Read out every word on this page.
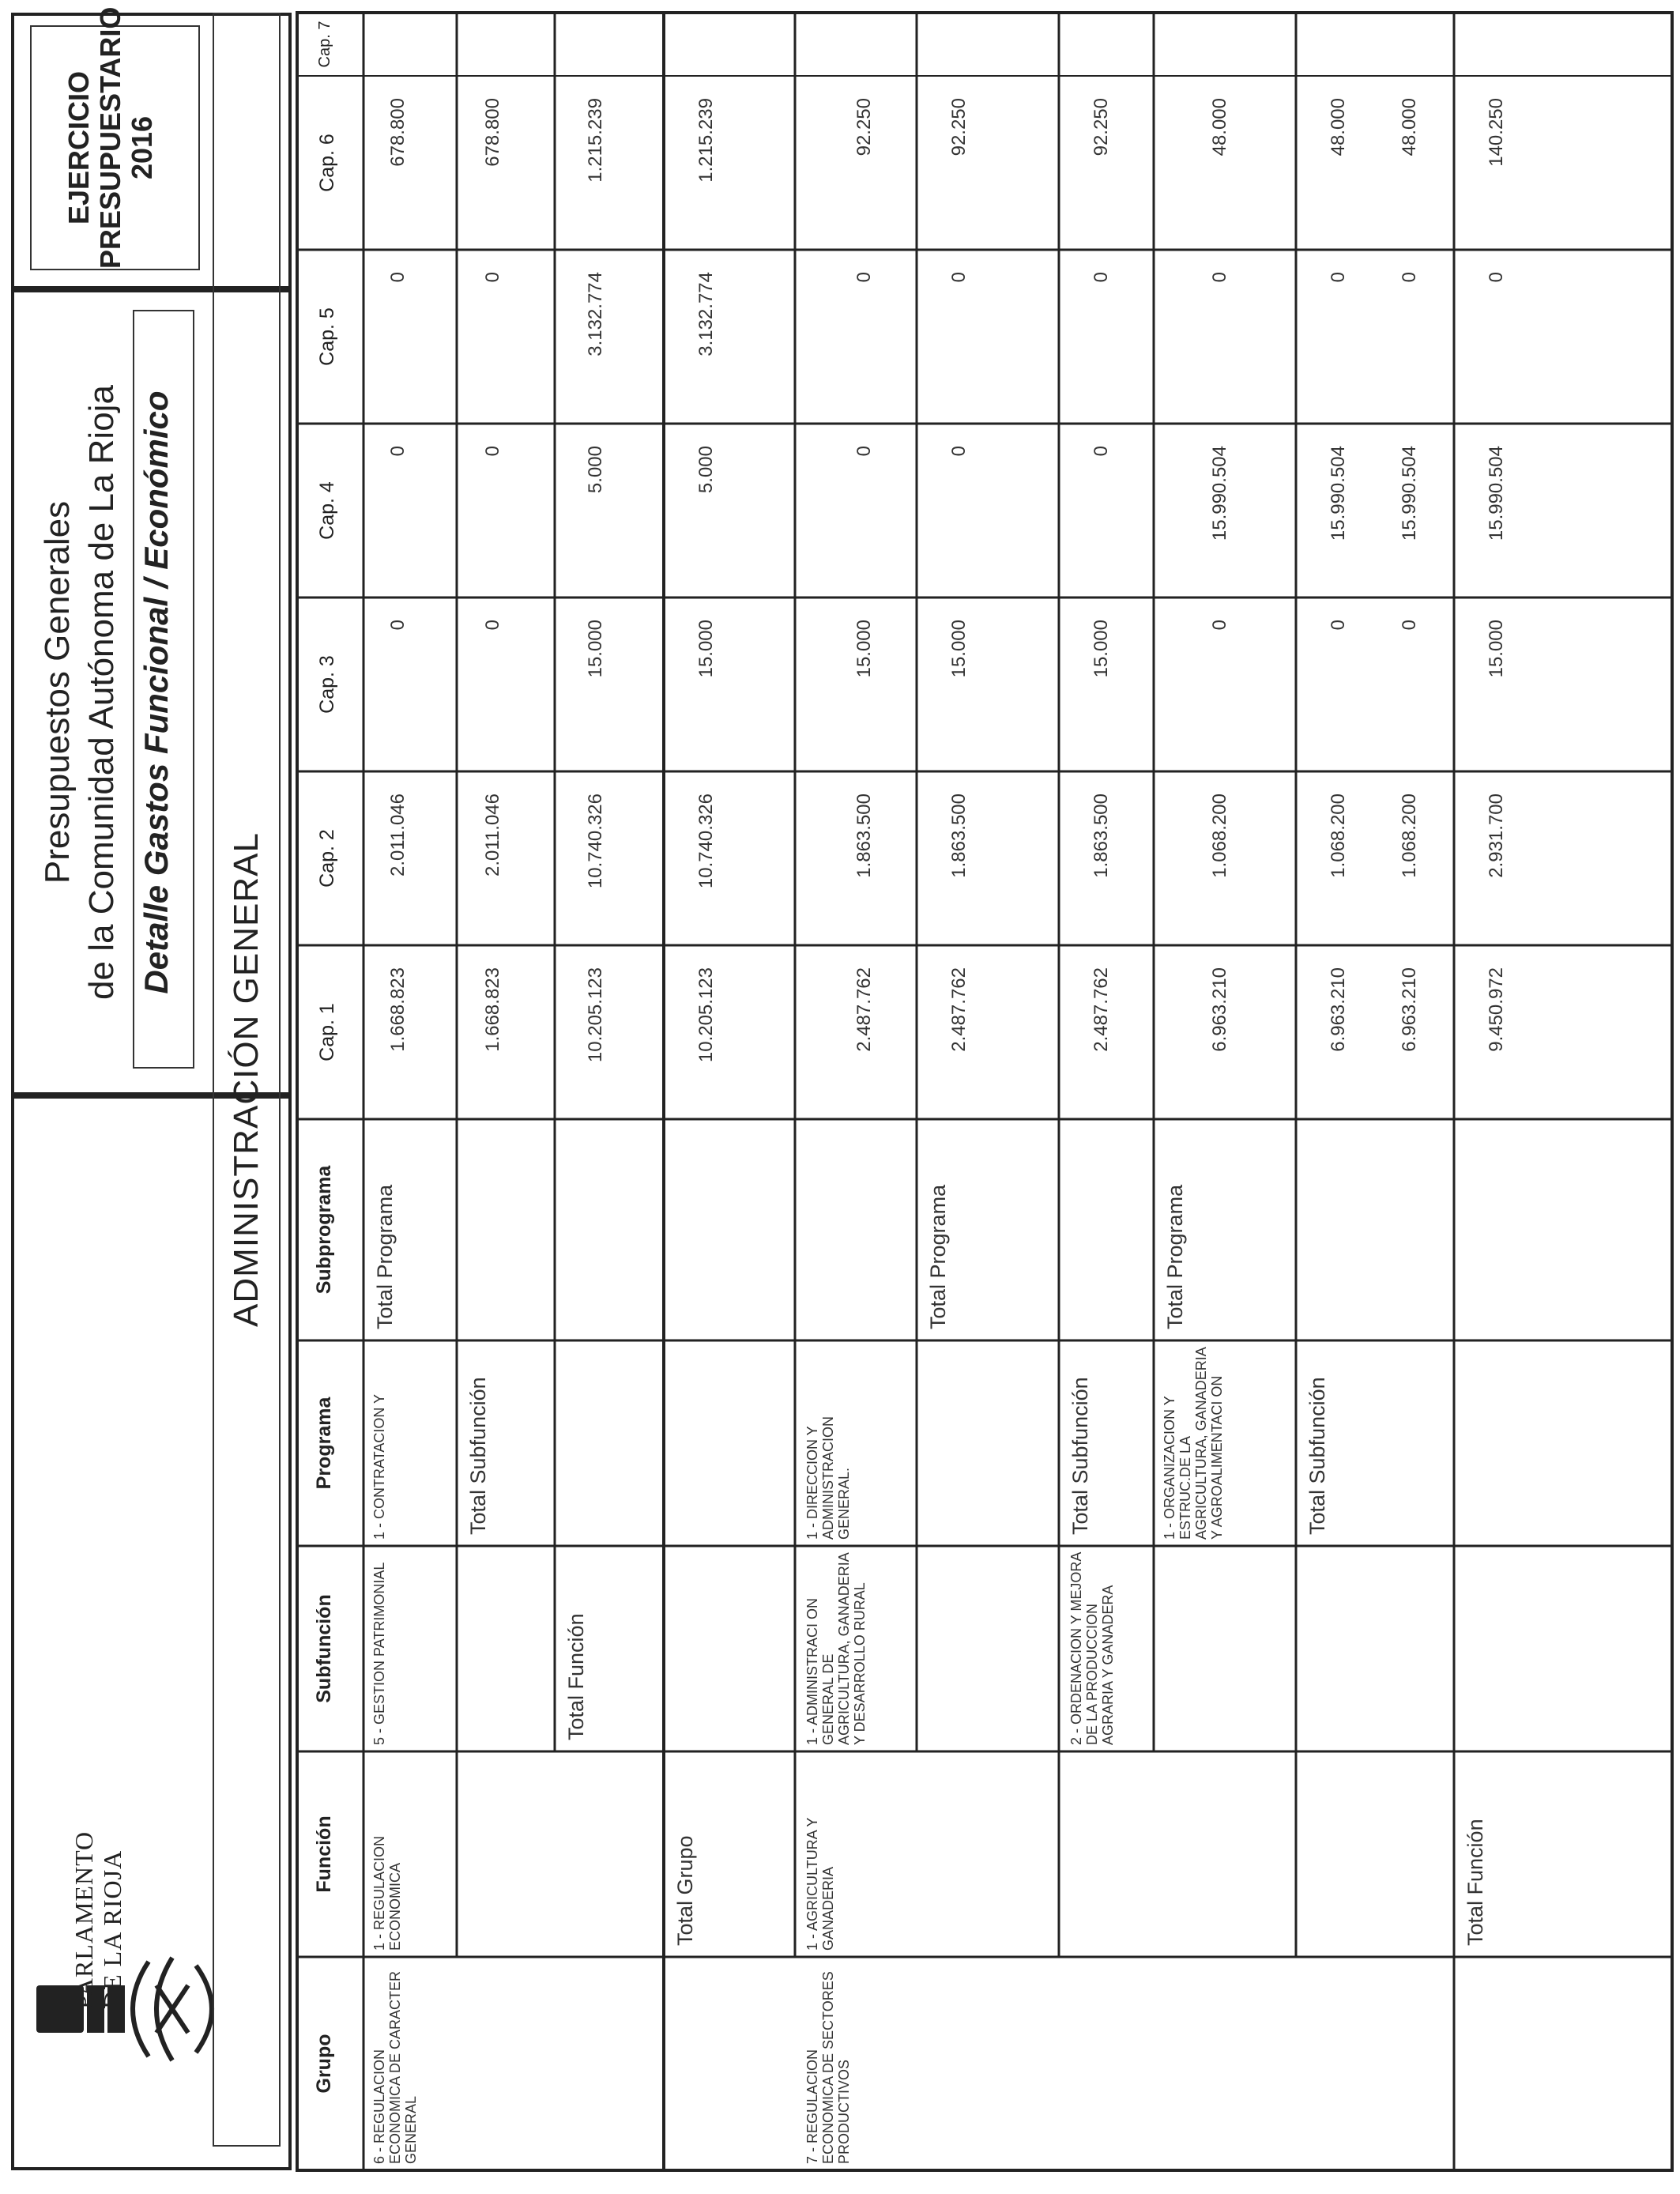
PARLAMENTO DE LA RIOJA
Presupuestos Generales de la Comunidad Autónoma de La Rioja Detalle Gastos Funcional / Económico
EJERCICIO PRESUPUESTARIO 2016
ADMINISTRACIÓN GENERAL
Grupo
Función
Subfunción
Programa
Subprograma
Cap. 1
Cap. 2
Cap. 3
Cap. 4
Cap. 5
Cap. 6
Cap. 7
6 - REGULACION ECONOMICA DE CARACTER GENERAL
1 - REGULACION ECONOMICA
5 - GESTION PATRIMONIAL
1 - CONTRATACION Y
Total Programa
Total Subfunción
Total Función
Total Grupo
7 - REGULACION ECONOMICA DE SECTORES PRODUCTIVOS
1 - AGRICULTURA Y GANADERIA
1 - ADMINISTRACI ON GENERAL DE AGRICULTURA, GANADERIA Y DESARROLLO RURAL
1 - DIRECCION Y ADMINISTRACION GENERAL.
Total Programa
Total Subfunción
2 - ORDENACION Y MEJORA DE LA PRODUCCION AGRARIA Y GANADERA
1 - ORGANIZACION Y ESTRUC.DE LA AGRICULTURA, GANADERIA Y AGROALIMENTACI ON
Total Programa
Total Subfunción
Total Función
1.668.823
2.011.046
0
0
0
678.800
1.668.823
2.011.046
0
0
0
678.800
10.205.123
10.740.326
15.000
5.000
3.132.774
1.215.239
10.205.123
10.740.326
15.000
5.000
3.132.774
1.215.239
2.487.762
1.863.500
15.000
0
0
92.250
2.487.762
1.863.500
15.000
0
0
92.250
2.487.762
1.863.500
15.000
0
0
92.250
6.963.210
1.068.200
0
15.990.504
0
48.000
6.963.210
1.068.200
0
15.990.504
0
48.000
6.963.210
1.068.200
0
15.990.504
0
48.000
9.450.972
2.931.700
15.000
15.990.504
0
140.250
